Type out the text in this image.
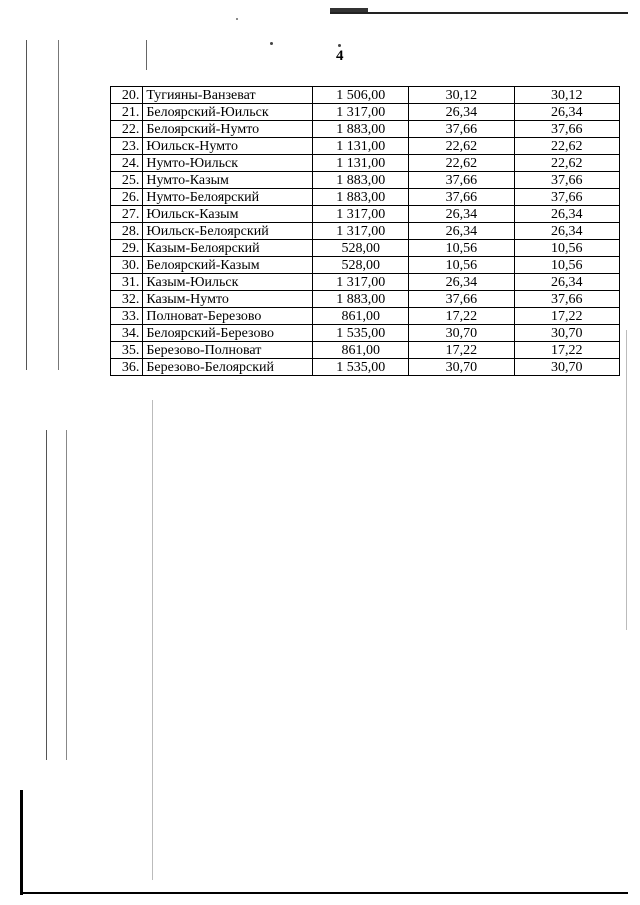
4
20.	Тугияны-Ванзеват	1 506,00	30,12	30,12
21.	Белоярский-Юильск	1 317,00	26,34	26,34
22.	Белоярский-Нумто	1 883,00	37,66	37,66
23.	Юильск-Нумто	1 131,00	22,62	22,62
24.	Нумто-Юильск	1 131,00	22,62	22,62
25.	Нумто-Казым	1 883,00	37,66	37,66
26.	Нумто-Белоярский	1 883,00	37,66	37,66
27.	Юильск-Казым	1 317,00	26,34	26,34
28.	Юильск-Белоярский	1 317,00	26,34	26,34
29.	Казым-Белоярский	528,00	10,56	10,56
30.	Белоярский-Казым	528,00	10,56	10,56
31.	Казым-Юильск	1 317,00	26,34	26,34
32.	Казым-Нумто	1 883,00	37,66	37,66
33.	Полноват-Березово	861,00	17,22	17,22
34.	Белоярский-Березово	1 535,00	30,70	30,70
35.	Березово-Полноват	861,00	17,22	17,22
36.	Березово-Белоярский	1 535,00	30,70	30,70
